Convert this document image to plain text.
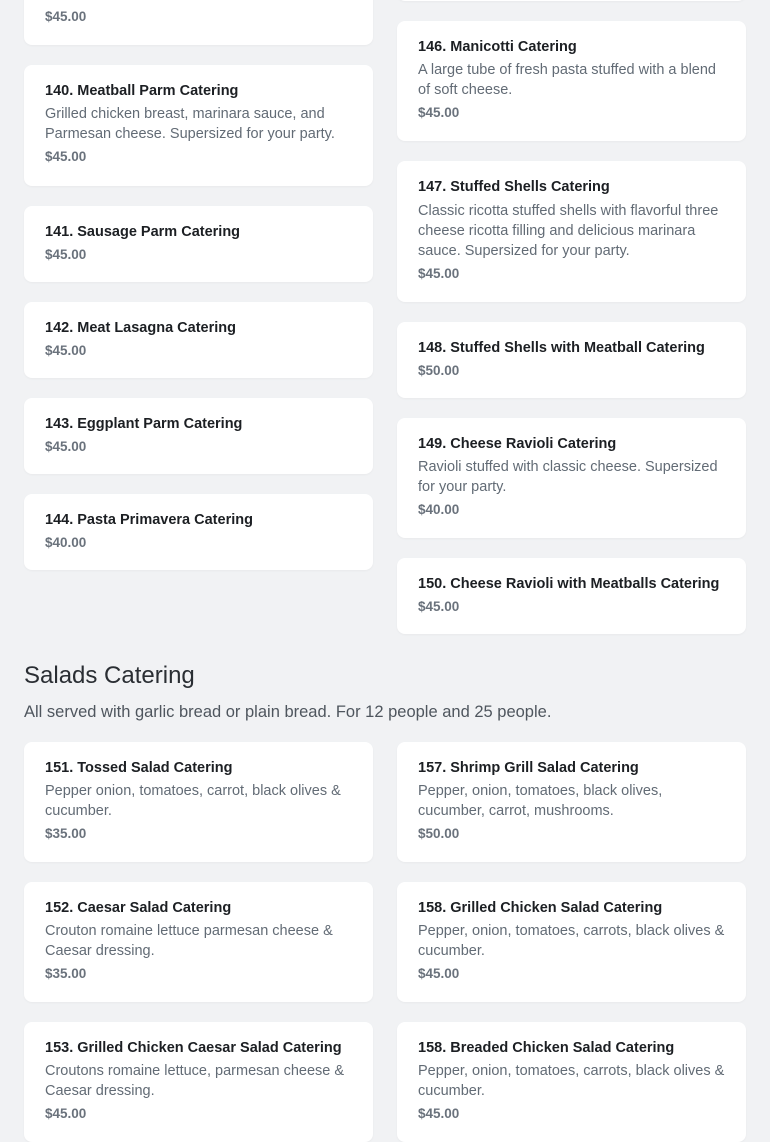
$45.00
140. Meatball Parm Catering
Grilled chicken breast, marinara sauce, and Parmesan cheese. Supersized for your party.
$45.00
141. Sausage Parm Catering
$45.00
142. Meat Lasagna Catering
$45.00
143. Eggplant Parm Catering
$45.00
144. Pasta Primavera Catering
$40.00
146. Manicotti Catering
A large tube of fresh pasta stuffed with a blend of soft cheese.
$45.00
147. Stuffed Shells Catering
Classic ricotta stuffed shells with flavorful three cheese ricotta filling and delicious marinara sauce. Supersized for your party.
$45.00
148. Stuffed Shells with Meatball Catering
$50.00
149. Cheese Ravioli Catering
Ravioli stuffed with classic cheese. Supersized for your party.
$40.00
150. Cheese Ravioli with Meatballs Catering
$45.00
Salads Catering
All served with garlic bread or plain bread. For 12 people and 25 people.
151. Tossed Salad Catering
Pepper onion, tomatoes, carrot, black olives & cucumber.
$35.00
152. Caesar Salad Catering
Crouton romaine lettuce parmesan cheese & Caesar dressing.
$35.00
153. Grilled Chicken Caesar Salad Catering
Croutons romaine lettuce, parmesan cheese & Caesar dressing.
$45.00
157. Shrimp Grill Salad Catering
Pepper, onion, tomatoes, black olives, cucumber, carrot, mushrooms.
$50.00
158. Grilled Chicken Salad Catering
Pepper, onion, tomatoes, carrots, black olives & cucumber.
$45.00
158. Breaded Chicken Salad Catering
Pepper, onion, tomatoes, carrots, black olives & cucumber.
$45.00
